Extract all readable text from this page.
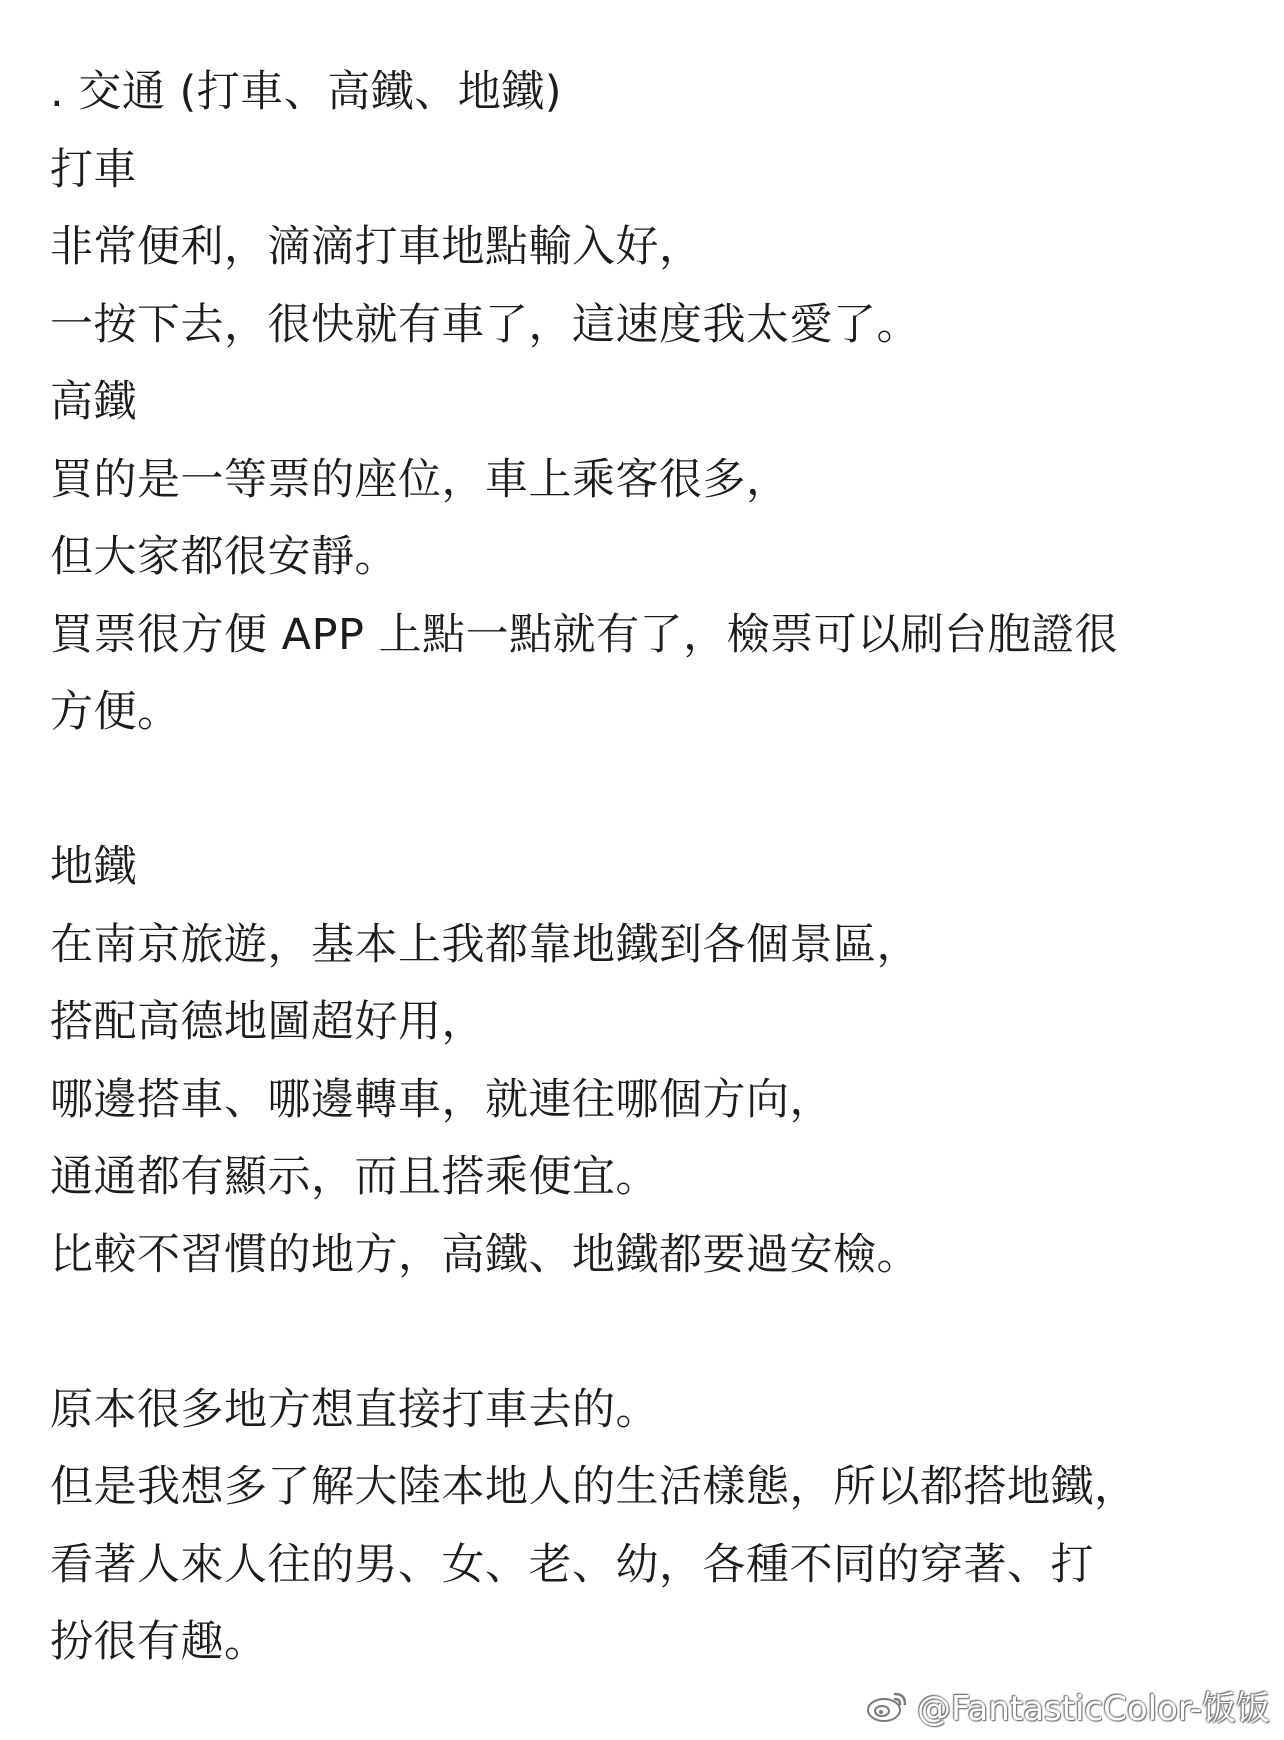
. 交通 (打車、高鐵、地鐵)
打車
非常便利，滴滴打車地點輸入好，
一按下去，很快就有車了，這速度我太愛了。
高鐵
買的是一等票的座位，車上乘客很多，
但大家都很安靜。
買票很方便 APP 上點一點就有了，檢票可以刷台胞證很
方便。
地鐵
在南京旅遊，基本上我都靠地鐵到各個景區，
搭配高德地圖超好用，
哪邊搭車、哪邊轉車，就連往哪個方向，
通通都有顯示，而且搭乘便宜。
比較不習慣的地方，高鐵、地鐵都要過安檢。
原本很多地方想直接打車去的。
但是我想多了解大陸本地人的生活樣態，所以都搭地鐵，
看著人來人往的男、女、老、幼，各種不同的穿著、打
扮很有趣。
@FantasticColor-饭饭
